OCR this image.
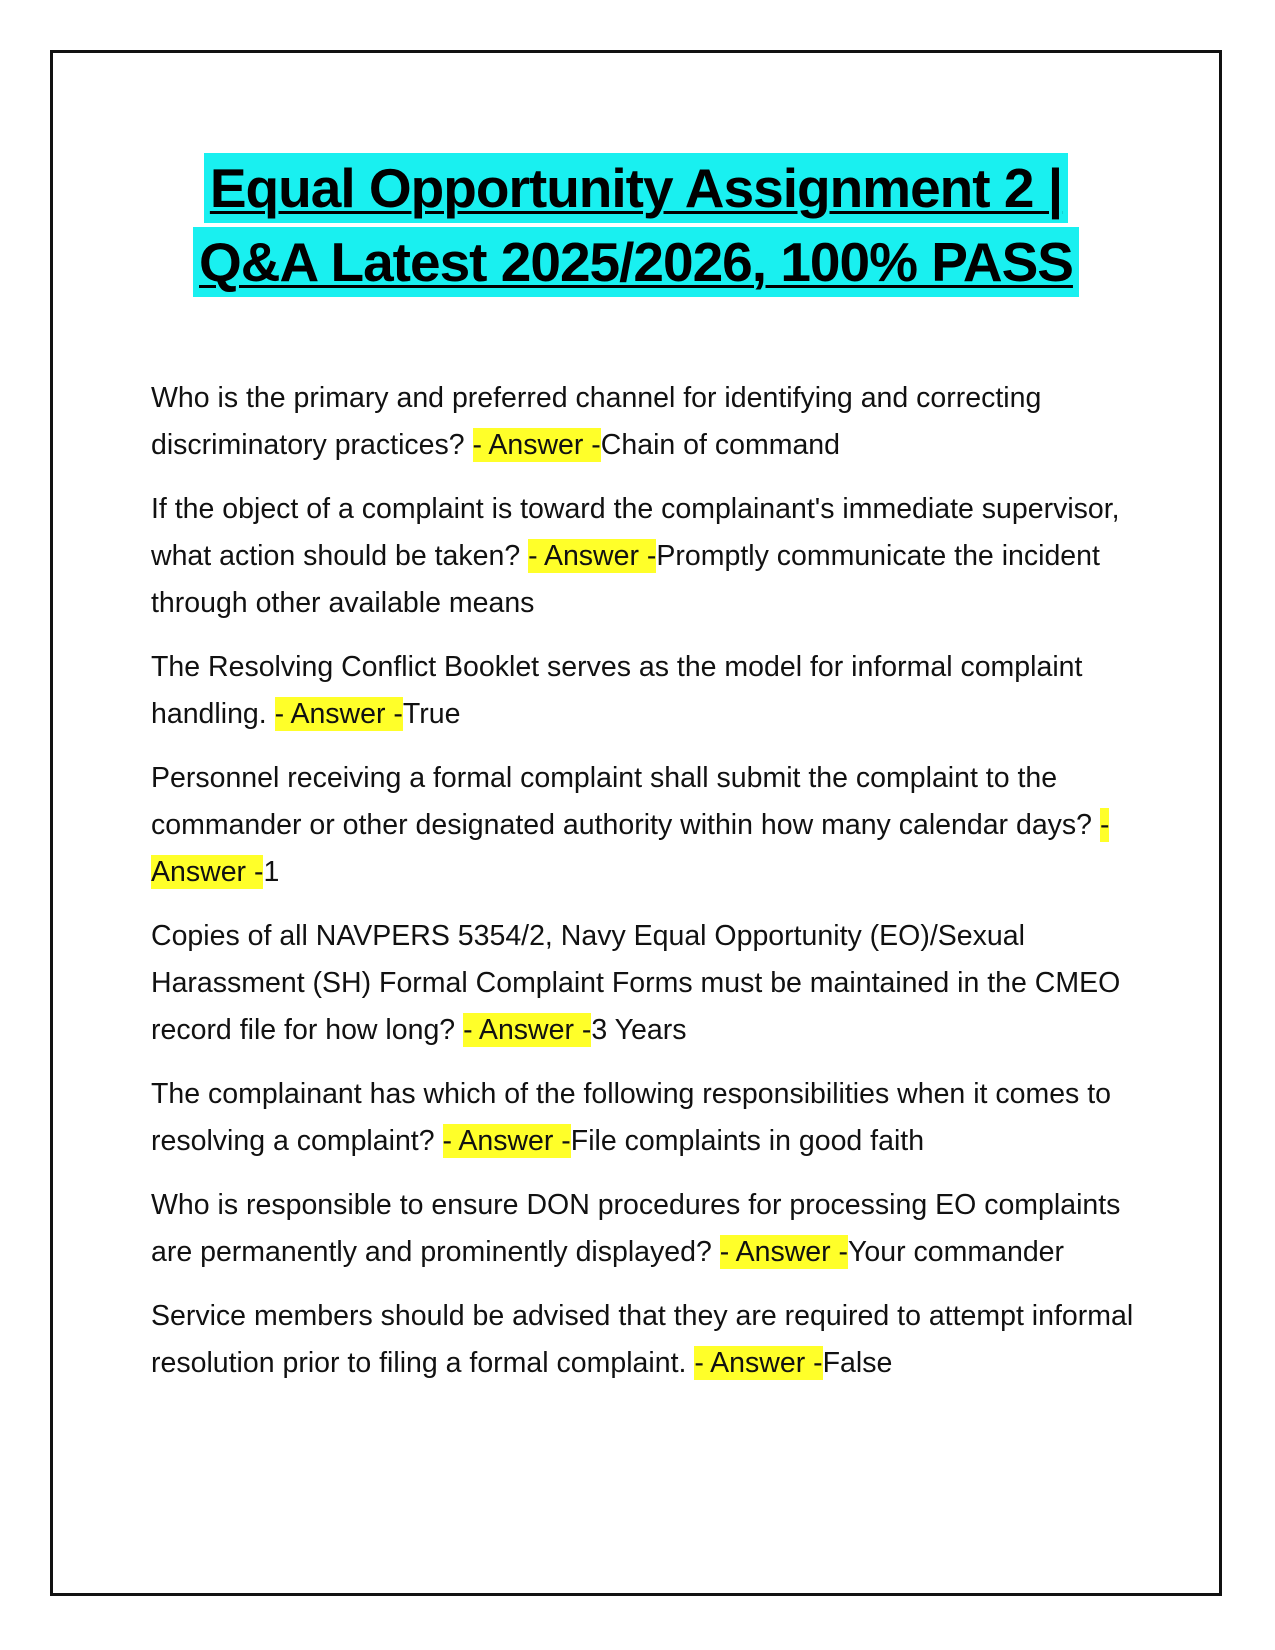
Equal Opportunity Assignment 2 |
Q&A Latest 2025/2026, 100% PASS

Who is the primary and preferred channel for identifying and correcting discriminatory practices? - Answer -Chain of command

If the object of a complaint is toward the complainant's immediate supervisor, what action should be taken? - Answer -Promptly communicate the incident through other available means

The Resolving Conflict Booklet serves as the model for informal complaint handling. - Answer -True

Personnel receiving a formal complaint shall submit the complaint to the commander or other designated authority within how many calendar days? - Answer -1

Copies of all NAVPERS 5354/2, Navy Equal Opportunity (EO)/Sexual Harassment (SH) Formal Complaint Forms must be maintained in the CMEO record file for how long? - Answer -3 Years

The complainant has which of the following responsibilities when it comes to resolving a complaint? - Answer -File complaints in good faith

Who is responsible to ensure DON procedures for processing EO complaints are permanently and prominently displayed? - Answer -Your commander

Service members should be advised that they are required to attempt informal resolution prior to filing a formal complaint. - Answer -False
